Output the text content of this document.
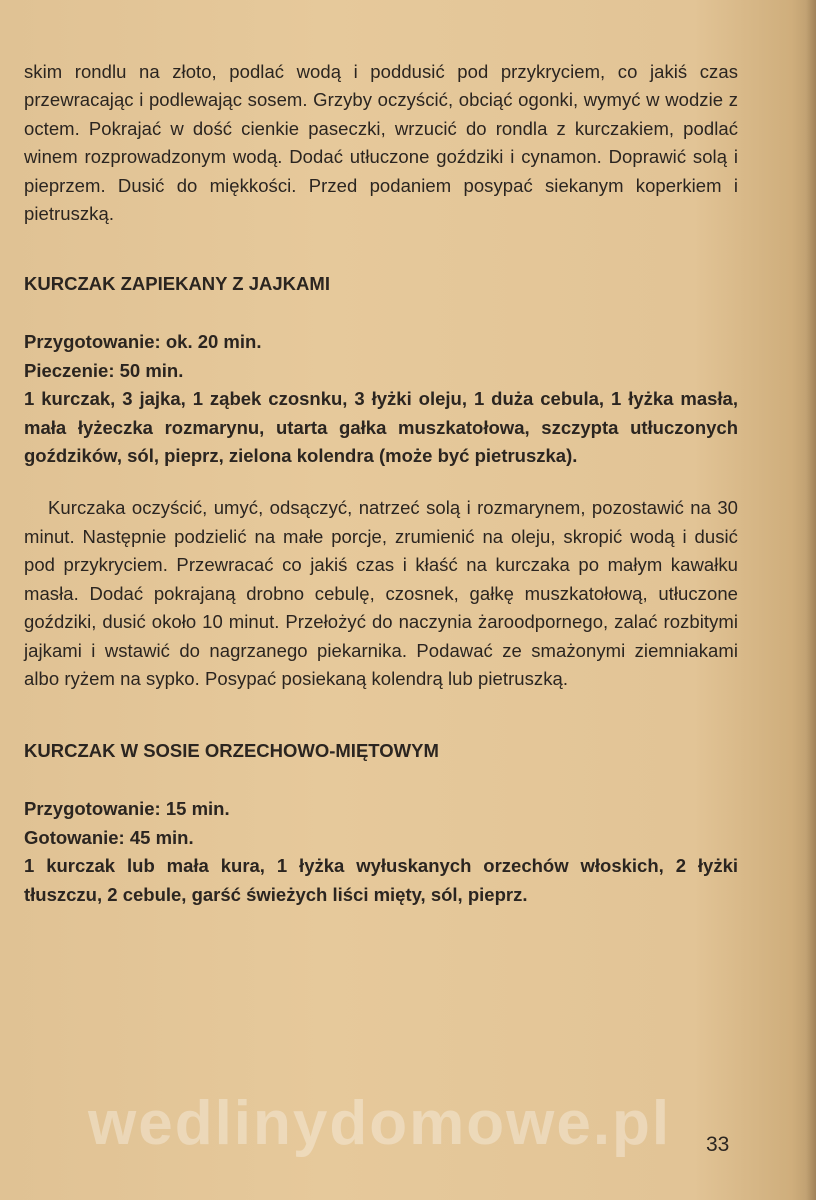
skim rondlu na złoto, podlać wodą i poddusić pod przykryciem, co jakiś czas przewracając i podlewając sosem. Grzyby oczyścić, obciąć ogonki, wymyć w wodzie z octem. Pokrajać w dość cienkie paseczki, wrzucić do rondla z kurczakiem, podlać winem rozprowadzonym wodą. Dodać utłuczone goździki i cynamon. Doprawić solą i pieprzem. Dusić do miękkości. Przed podaniem posypać siekanym koperkiem i pietruszką.

KURCZAK ZAPIEKANY Z JAJKAMI

Przygotowanie: ok. 20 min.

Pieczenie: 50 min.

1 kurczak, 3 jajka, 1 ząbek czosnku, 3 łyżki oleju, 1 duża cebula, 1 łyżka masła, mała łyżeczka rozmarynu, utarta gałka muszkatołowa, szczypta utłuczonych goździków, sól, pieprz, zielona kolendra (może być pietruszka).

Kurczaka oczyścić, umyć, odsączyć, natrzeć solą i rozmarynem, pozostawić na 30 minut. Następnie podzielić na małe porcje, zrumienić na oleju, skropić wodą i dusić pod przykryciem. Przewracać co jakiś czas i kłaść na kurczaka po małym kawałku masła. Dodać pokrajaną drobno cebulę, czosnek, gałkę muszkatołową, utłuczone goździki, dusić około 10 minut. Przełożyć do naczynia żaroodpornego, zalać rozbitymi jajkami i wstawić do nagrzanego piekarnika. Podawać ze smażonymi ziemniakami albo ryżem na sypko. Posypać posiekaną kolendrą lub pietruszką.

KURCZAK W SOSIE ORZECHOWO-MIĘTOWYM

Przygotowanie: 15 min.

Gotowanie: 45 min.

1 kurczak lub mała kura, 1 łyżka wyłuskanych orzechów włoskich, 2 łyżki tłuszczu, 2 cebule, garść świeżych liści mięty, sól, pieprz.

wedlinydomowe.pl 33
